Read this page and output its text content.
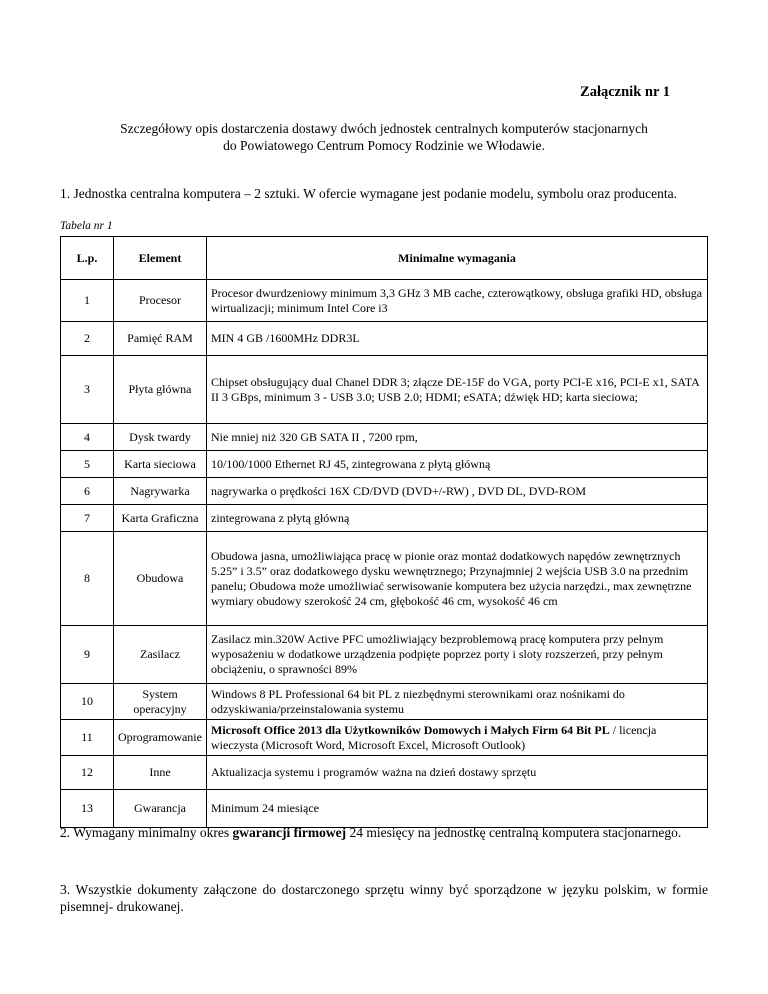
Załącznik nr 1
Szczegółowy opis dostarczenia dostawy dwóch jednostek centralnych komputerów stacjonarnych
do Powiatowego Centrum Pomocy Rodzinie we Włodawie.
1. Jednostka centralna komputera – 2 sztuki. W ofercie wymagane jest podanie modelu, symbolu oraz producenta.
Tabela nr 1
L.p.	Element	Minimalne wymagania
1	Procesor	Procesor dwurdzeniowy minimum 3,3 GHz 3 MB cache, czterowątkowy, obsługa grafiki HD, obsługa wirtualizacji; minimum Intel Core i3
2	Pamięć RAM	MIN 4 GB /1600MHz DDR3L
3	Płyta główna	Chipset obsługujący dual Chanel DDR 3; złącze DE-15F do VGA, porty PCI-E x16, PCI-E x1, SATA II 3 GBps, minimum 3 - USB 3.0; USB 2.0; HDMI; eSATA; dźwięk HD; karta sieciowa;
4	Dysk twardy	Nie mniej niż 320 GB SATA II , 7200 rpm,
5	Karta sieciowa	10/100/1000 Ethernet RJ 45, zintegrowana z płytą główną
6	Nagrywarka	nagrywarka o prędkości 16X CD/DVD (DVD+/-RW) , DVD DL, DVD-ROM
7	Karta Graficzna	zintegrowana z płytą główną
8	Obudowa	Obudowa jasna, umożliwiająca pracę w pionie oraz montaż dodatkowych napędów zewnętrznych 5.25” i 3.5” oraz dodatkowego dysku wewnętrznego; Przynajmniej 2 wejścia USB 3.0 na przednim panelu; Obudowa może umożliwiać serwisowanie komputera bez użycia narzędzi., max zewnętrzne wymiary obudowy szerokość 24 cm, głębokość 46 cm, wysokość 46 cm
9	Zasilacz	Zasilacz min.320W Active PFC umożliwiający bezproblemową pracę komputera przy pełnym wyposażeniu w dodatkowe urządzenia podpięte poprzez porty i sloty rozszerzeń, przy pełnym obciążeniu, o sprawności 89%
10	System operacyjny	Windows 8 PL Professional 64 bit PL z niezbędnymi sterownikami oraz nośnikami do odzyskiwania/przeinstalowania systemu
11	Oprogramowanie	Microsoft Office 2013 dla Użytkowników Domowych i Małych Firm 64 Bit PL / licencja wieczysta (Microsoft Word, Microsoft Excel, Microsoft Outlook)
12	Inne	Aktualizacja systemu i programów ważna na dzień dostawy sprzętu
13	Gwarancja	Minimum 24 miesiące
2. Wymagany minimalny okres gwarancji firmowej 24 miesięcy na jednostkę centralną komputera stacjonarnego.
3. Wszystkie dokumenty załączone do dostarczonego sprzętu winny być sporządzone w języku polskim, w formie pisemnej- drukowanej.
